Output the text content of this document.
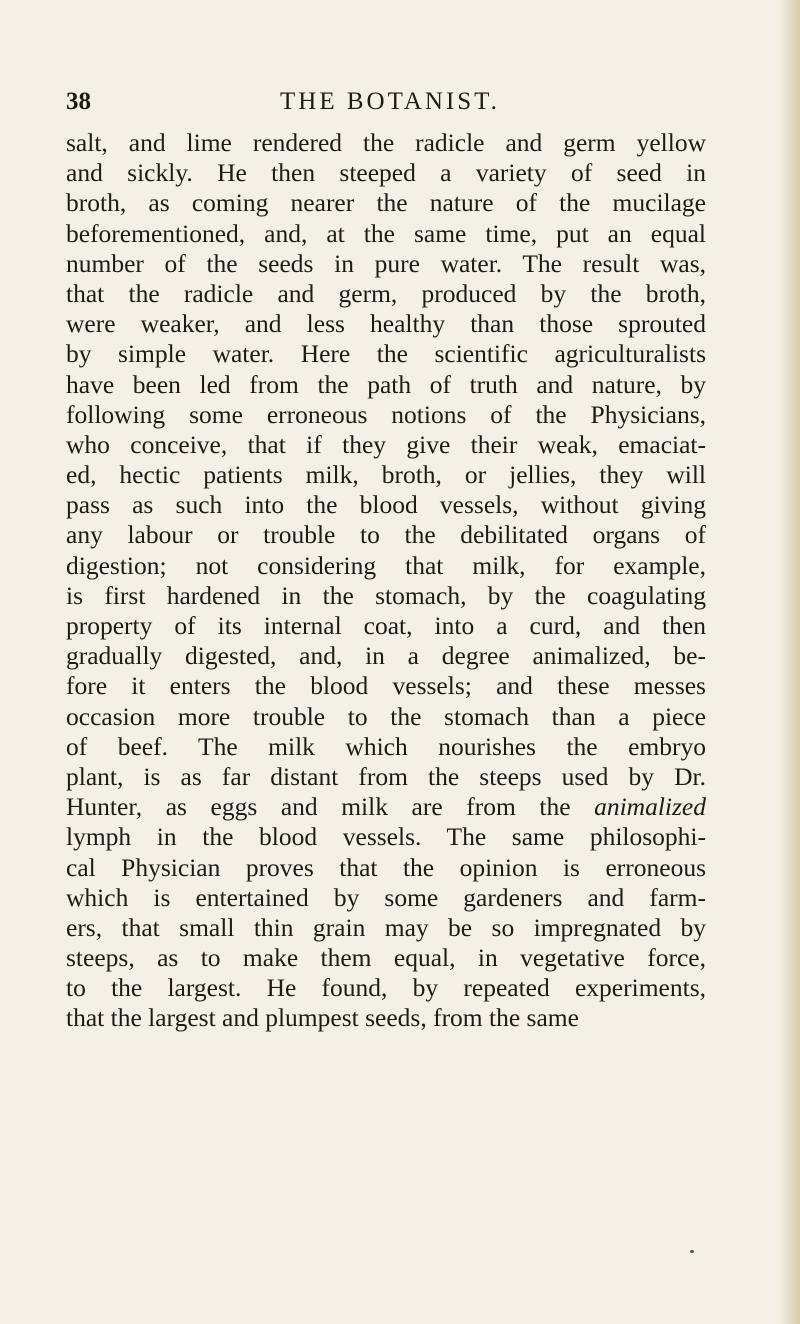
38	THE BOTANIST.
salt, and lime rendered the radicle and germ yellow
and sickly. He then steeped a variety of seed in
broth, as coming nearer the nature of the mucilage
beforementioned, and, at the same time, put an equal
number of the seeds in pure water. The result was,
that the radicle and germ, produced by the broth,
were weaker, and less healthy than those sprouted
by simple water. Here the scientific agriculturalists
have been led from the path of truth and nature, by
following some erroneous notions of the Physicians,
who conceive, that if they give their weak, emaciat-
ed, hectic patients milk, broth, or jellies, they will
pass as such into the blood vessels, without giving
any labour or trouble to the debilitated organs of
digestion; not considering that milk, for example,
is first hardened in the stomach, by the coagulating
property of its internal coat, into a curd, and then
gradually digested, and, in a degree animalized, be-
fore it enters the blood vessels; and these messes
occasion more trouble to the stomach than a piece
of beef. The milk which nourishes the embryo
plant, is as far distant from the steeps used by Dr.
Hunter, as eggs and milk are from the animalized
lymph in the blood vessels. The same philosophi-
cal Physician proves that the opinion is erroneous
which is entertained by some gardeners and farm-
ers, that small thin grain may be so impregnated by
steeps, as to make them equal, in vegetative force,
to the largest. He found, by repeated experiments,
that the largest and plumpest seeds, from the same
